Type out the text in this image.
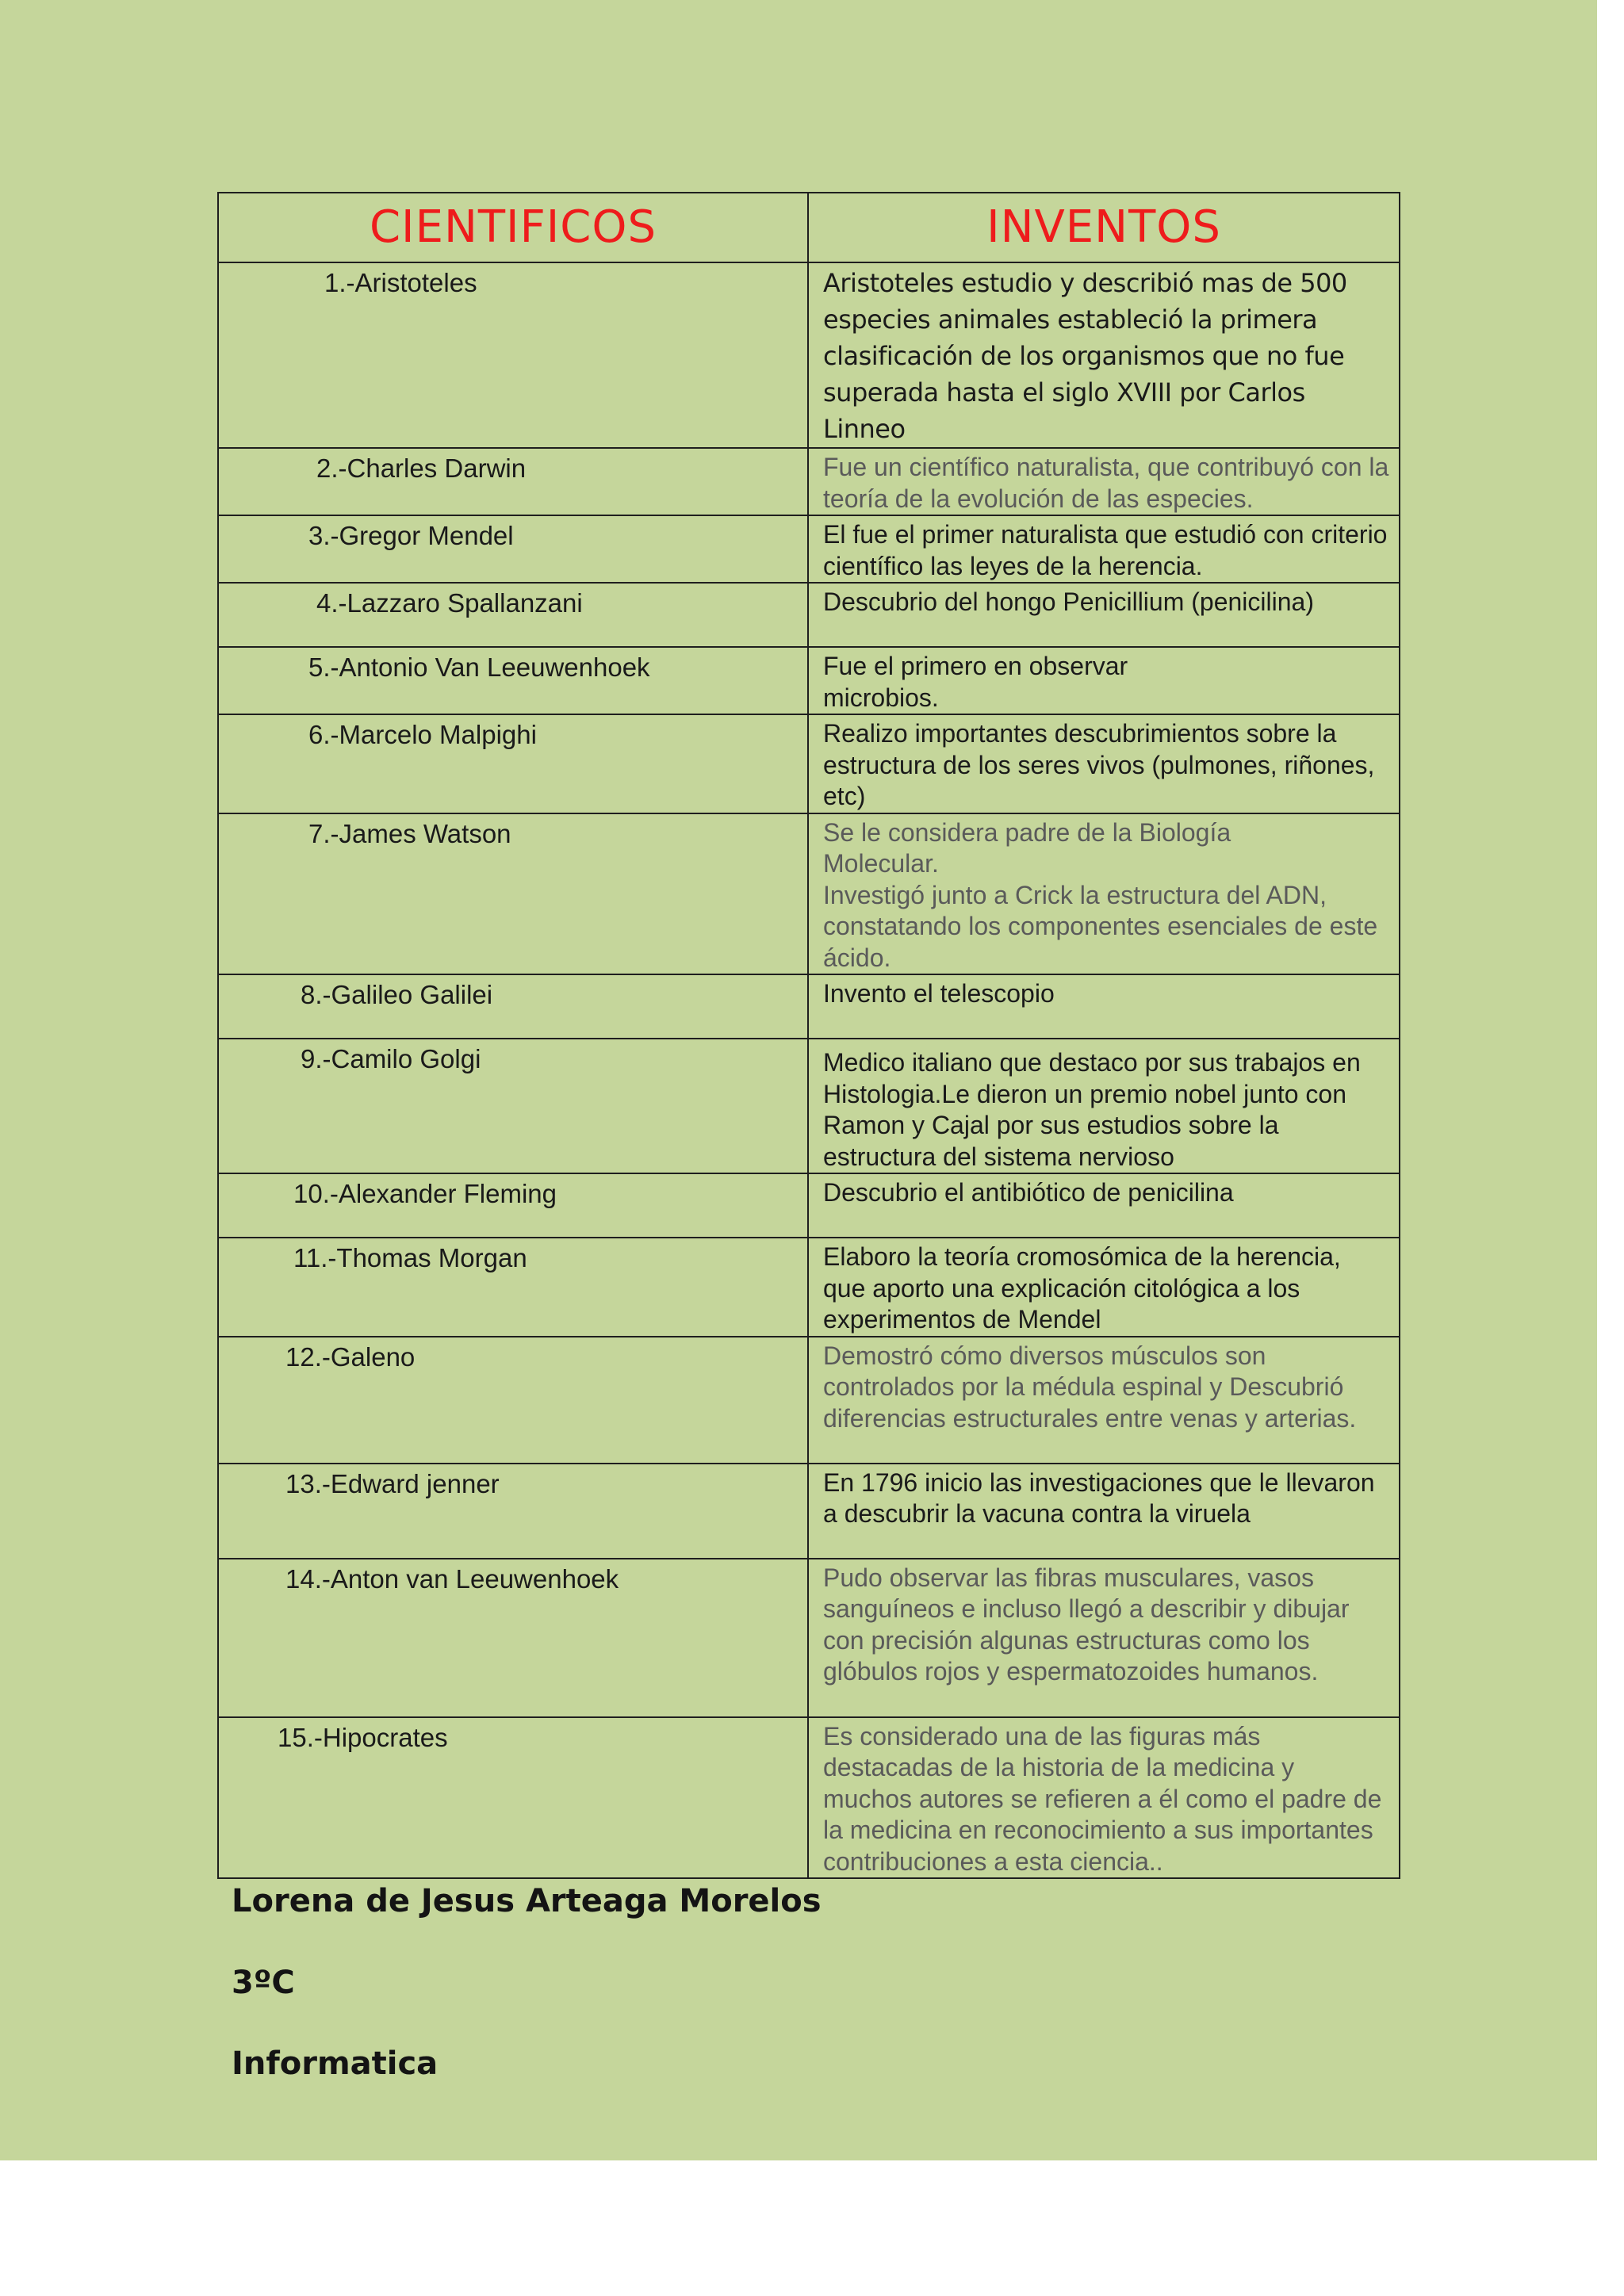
CIENTIFICOS	INVENTOS

1.-Aristoteles	Aristoteles estudio y describió mas de 500 especies animales estableció la primera clasificación de los organismos que no fue superada hasta el siglo XVIII por Carlos Linneo

2.-Charles Darwin	Fue un científico naturalista, que contribuyó con la teoría de la evolución de las especies.

3.-Gregor Mendel	El fue el primer naturalista que estudió con criterio científico las leyes de la herencia.

4.-Lazzaro Spallanzani	Descubrio del hongo Penicillium (penicilina)

5.-Antonio Van Leeuwenhoek	Fue el primero en observar microbios.

6.-Marcelo Malpighi	Realizo importantes descubrimientos sobre la estructura de los seres vivos (pulmones, riñones, etc)

7.-James Watson	Se le considera padre de la Biología Molecular.
Investigó junto a Crick la estructura del ADN, constatando los componentes esenciales de este ácido.

8.-Galileo Galilei	Invento el telescopio

9.-Camilo Golgi	Medico italiano que destaco por sus trabajos en Histologia.Le dieron un premio nobel junto con Ramon y Cajal por sus estudios sobre la estructura del sistema nervioso

10.-Alexander Fleming	Descubrio el antibiótico de penicilina

11.-Thomas Morgan	Elaboro la teoría cromosómica de la herencia, que aporto una explicación citológica a los experimentos de Mendel

12.-Galeno	Demostró cómo diversos músculos son controlados por la médula espinal y Descubrió diferencias estructurales entre venas y arterias.

13.-Edward jenner	En 1796 inicio las investigaciones que le llevaron a descubrir la vacuna contra la viruela

14.-Anton van Leeuwenhoek	Pudo observar las fibras musculares, vasos sanguíneos e incluso llegó a describir y dibujar con precisión algunas estructuras como los glóbulos rojos y espermatozoides humanos.

15.-Hipocrates	Es considerado una de las figuras más destacadas de la historia de la medicina y muchos autores se refieren a él como el padre de la medicina en reconocimiento a sus importantes contribuciones a esta ciencia..
Lorena de Jesus Arteaga Morelos
3ºC
Informatica
